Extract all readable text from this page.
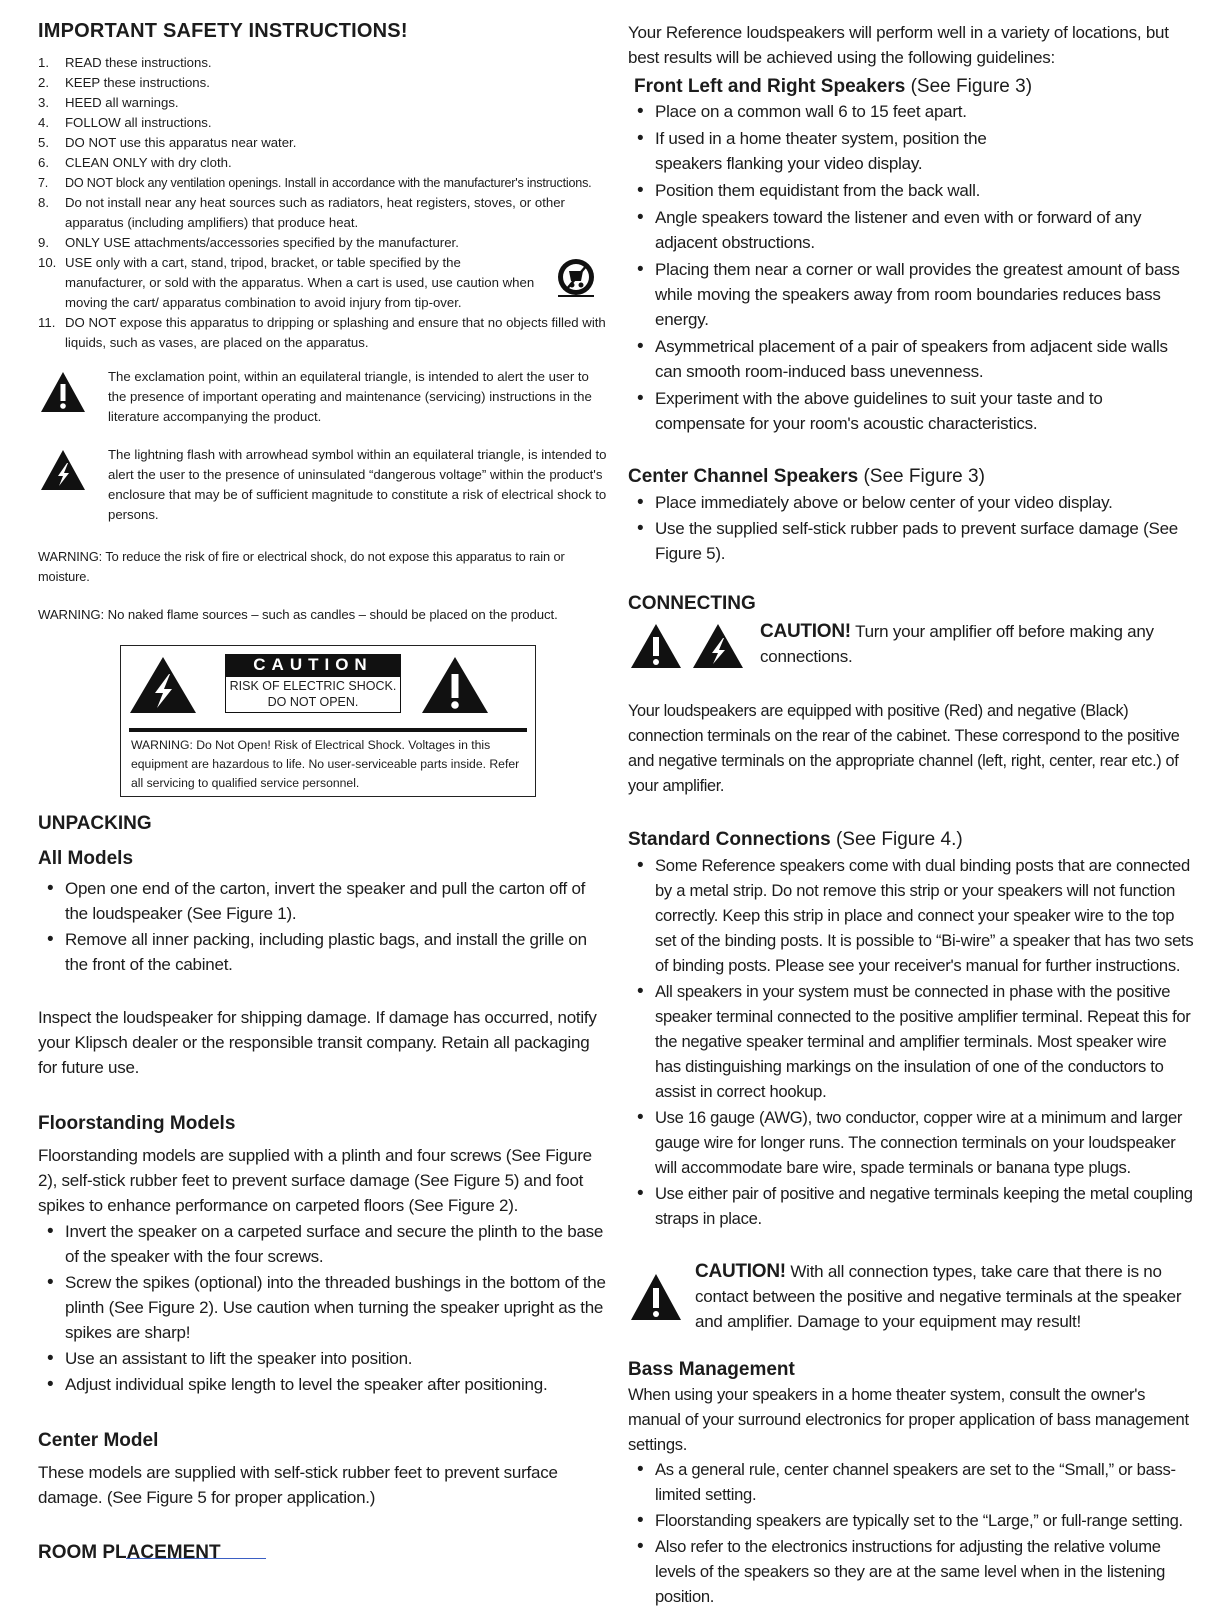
IMPORTANT SAFETY INSTRUCTIONS!
1. READ these instructions.
2. KEEP these instructions.
3. HEED all warnings.
4. FOLLOW all instructions.
5. DO NOT use this apparatus near water.
6. CLEAN ONLY with dry cloth.
7. DO NOT block any ventilation openings. Install in accordance with the manufacturer's instructions.
8. Do not install near any heat sources such as radiators, heat registers, stoves, or other apparatus (including amplifiers) that produce heat.
9. ONLY USE attachments/accessories specified by the manufacturer.
10. USE only with a cart, stand, tripod, bracket, or table specified by the manufacturer, or sold with the apparatus. When a cart is used, use caution when moving the cart/ apparatus combination to avoid injury from tip-over.
11. DO NOT expose this apparatus to dripping or splashing and ensure that no objects filled with liquids, such as vases, are placed on the apparatus.
The exclamation point, within an equilateral triangle, is intended to alert the user to the presence of important operating and maintenance (servicing) instructions in the literature accompanying the product.
The lightning flash with arrowhead symbol within an equilateral triangle, is intended to alert the user to the presence of uninsulated “dangerous voltage” within the product's enclosure that may be of sufficient magnitude to constitute a risk of electrical shock to persons.
WARNING: To reduce the risk of fire or electrical shock, do not expose this apparatus to rain or moisture.
WARNING: No naked flame sources – such as candles – should be placed on the product.
CAUTION
RISK OF ELECTRIC SHOCK.
DO NOT OPEN.
WARNING: Do Not Open! Risk of Electrical Shock. Voltages in this equipment are hazardous to life. No user-serviceable parts inside. Refer all servicing to qualified service personnel.
UNPACKING
All Models
• Open one end of the carton, invert the speaker and pull the carton off of the loudspeaker (See Figure 1).
• Remove all inner packing, including plastic bags, and install the grille on the front of the cabinet.

Inspect the loudspeaker for shipping damage. If damage has occurred, notify your Klipsch dealer or the responsible transit company. Retain all packaging for future use.

Floorstanding Models

Floorstanding models are supplied with a plinth and four screws (See Figure 2), self-stick rubber feet to prevent surface damage (See Figure 5) and foot spikes to enhance performance on carpeted floors (See Figure 2).

• Invert the speaker on a carpeted surface and secure the plinth to the base of the speaker with the four screws.
• Screw the spikes (optional) into the threaded bushings in the bottom of the plinth (See Figure 2). Use caution when turning the speaker upright as the spikes are sharp!
• Use an assistant to lift the speaker into position.
• Adjust individual spike length to level the speaker after positioning.
Center Model

These models are supplied with self-stick rubber feet to prevent surface damage. (See Figure 5 for proper application.)

ROOM PLACEMENT

Your Reference loudspeakers will perform well in a variety of locations, but best results will be achieved using the following guidelines:

Front Left and Right Speakers (See Figure 3)
• Place on a common wall 6 to 15 feet apart.
• If used in a home theater system, position the speakers flanking your video display.
• Position them equidistant from the back wall.
• Angle speakers toward the listener and even with or forward of any adjacent obstructions.
• Placing them near a corner or wall provides the greatest amount of bass while moving the speakers away from room boundaries reduces bass energy.
• Asymmetrical placement of a pair of speakers from adjacent side walls can smooth room-induced bass unevenness.
• Experiment with the above guidelines to suit your taste and to compensate for your room's acoustic characteristics.
Center Channel Speakers (See Figure 3)
• Place immediately above or below center of your video display.
• Use the supplied self-stick rubber pads to prevent surface damage (See Figure 5).
CONNECTING
CAUTION! Turn your amplifier off before making any connections.

Your loudspeakers are equipped with positive (Red) and negative (Black) connection terminals on the rear of the cabinet. These correspond to the positive and negative terminals on the appropriate channel (left, right, center, rear etc.) of your amplifier.

Standard Connections (See Figure 4.)
• Some Reference speakers come with dual binding posts that are connected by a metal strip. Do not remove this strip or your speakers will not function correctly. Keep this strip in place and connect your speaker wire to the top set of the binding posts. It is possible to “Bi-wire” a speaker that has two sets of binding posts. Please see your receiver's manual for further instructions.
• All speakers in your system must be connected in phase with the positive speaker terminal connected to the positive amplifier terminal. Repeat this for the negative speaker terminal and amplifier terminals. Most speaker wire has distinguishing markings on the insulation of one of the conductors to assist in correct hookup.
• Use 16 gauge (AWG), two conductor, copper wire at a minimum and larger gauge wire for longer runs. The connection terminals on your loudspeaker will accommodate bare wire, spade terminals or banana type plugs.
• Use either pair of positive and negative terminals keeping the metal coupling straps in place.
CAUTION! With all connection types, take care that there is no contact between the positive and negative terminals at the speaker and amplifier. Damage to your equipment may result!
Bass Management

When using your speakers in a home theater system, consult the owner's manual of your surround electronics for proper application of bass management settings.

• As a general rule, center channel speakers are set to the “Small,” or bass-limited setting.
• Floorstanding speakers are typically set to the “Large,” or full-range setting.
• Also refer to the electronics instructions for adjusting the relative volume levels of the speakers so they are at the same level when in the listening position.
